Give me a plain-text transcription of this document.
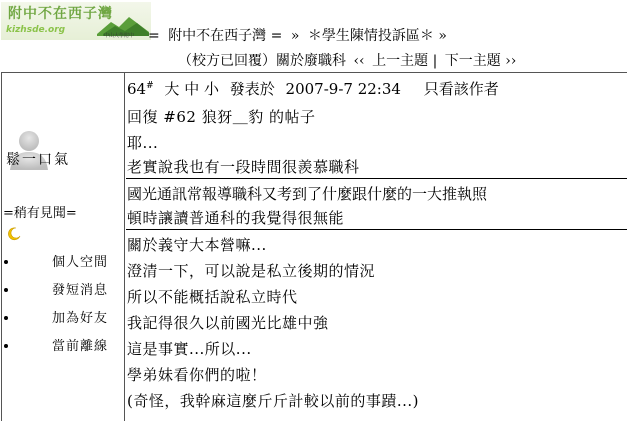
附中不在西子灣
kizhsde.org
中山大學附中 = 附中不在西子灣 = » ＊學生陳情投訴區＊ »
（校方已回覆）關於廢職科 ‹‹ 上一主題 | 下一主題 ››
鬆一口氣
=稍有見聞=
個人空間
發短消息
加為好友
當前離線
64# 大 中 小 發表於 2007-9-7 22:34 只看該作者
回復 #62 狼犽＿豹 的帖子
耶...
老實說我也有一段時間很羨慕職科
國光通訊常報導職科又考到了什麼跟什麼的一大推執照
頓時讓讀普通科的我覺得很無能
關於義守大本營嘛...
澄清一下，可以說是私立後期的情況
所以不能概括說私立時代
我記得很久以前國光比雄中強
這是事實...所以...
學弟妹看你們的啦！
(奇怪，我幹麻這麼斤斤計較以前的事蹟...)
